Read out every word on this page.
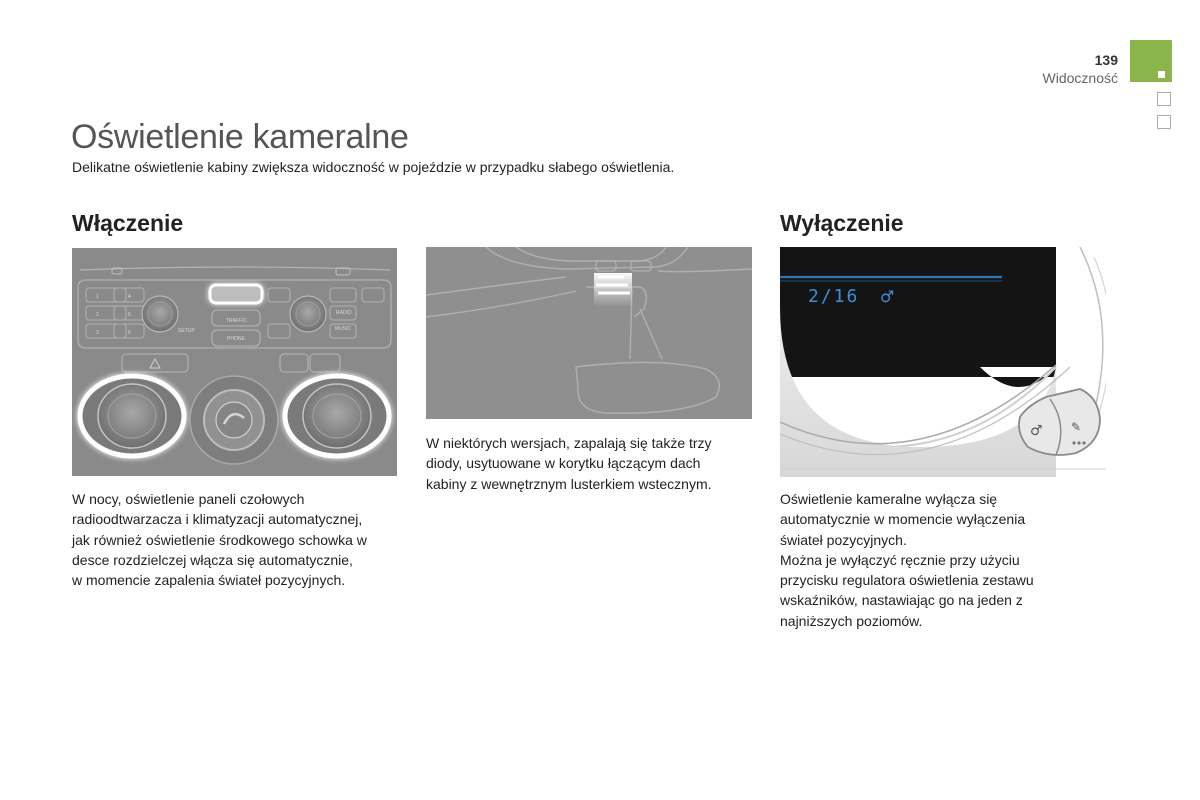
139
Widoczność
Oświetlenie kameralne

Delikatne oświetlenie kabiny zwiększa widoczność w pojeździe w przypadku słabego oświetlenia.

Włączenie	Wyłączenie
1
2
3
4
5
6	SETUP
TRAFFIC
PHONE
RADIO
MUSIC
2/16 ♂
♂ ✎
W nocy, oświetlenie paneli czołowych
radioodtwarzacza i klimatyzacji automatycznej,
jak również oświetlenie środkowego schowka w
desce rozdzielczej włącza się automatycznie,
w momencie zapalenia świateł pozycyjnych.
W niektórych wersjach, zapalają się także trzy
diody, usytuowane w korytku łączącym dach
kabiny z wewnętrznym lusterkiem wstecznym.
Oświetlenie kameralne wyłącza się
automatycznie w momencie wyłączenia
świateł pozycyjnych.
Można je wyłączyć ręcznie przy użyciu
przycisku regulatora oświetlenia zestawu
wskaźników, nastawiając go na jeden z
najniższych poziomów.
